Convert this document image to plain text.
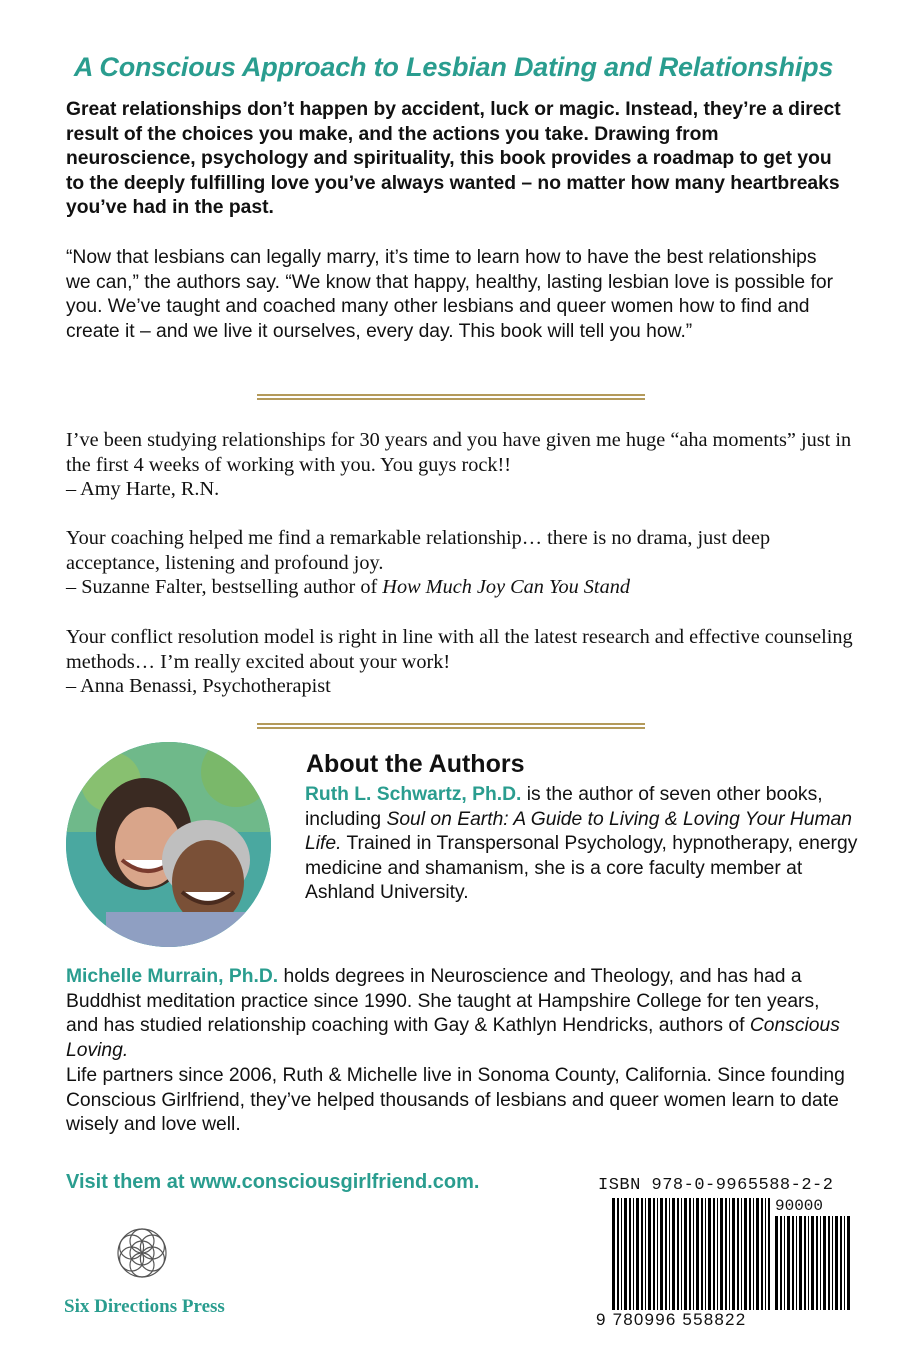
A Conscious Approach to Lesbian Dating and Relationships

Great relationships don’t happen by accident, luck or magic. Instead, they’re a direct result of the choices you make, and the actions you take. Drawing from neuroscience, psychology and spirituality, this book provides a roadmap to get you to the deeply fulfilling love you’ve always wanted – no matter how many heartbreaks you’ve had in the past.

“Now that lesbians can legally marry, it’s time to learn how to have the best relationships we can,” the authors say. “We know that happy, healthy, lasting lesbian love is possible for you. We’ve taught and coached many other lesbians and queer women how to find and create it – and we live it ourselves, every day. This book will tell you how.”

I’ve been studying relationships for 30 years and you have given me huge “aha moments” just in the first 4 weeks of working with you. You guys rock!!
– Amy Harte, R.N.

Your coaching helped me find a remarkable relationship… there is no drama, just deep acceptance, listening and profound joy.
– Suzanne Falter, bestselling author of How Much Joy Can You Stand

Your conflict resolution model is right in line with all the latest research and effective counseling methods… I’m really excited about your work!
– Anna Benassi, Psychotherapist

About the Authors

Ruth L. Schwartz, Ph.D. is the author of seven other books, including Soul on Earth: A Guide to Living & Loving Your Human Life. Trained in Transpersonal Psychology, hypnotherapy, energy medicine and shamanism, she is a core faculty member at Ashland University.

Michelle Murrain, Ph.D. holds degrees in Neuroscience and Theology, and has had a Buddhist meditation practice since 1990. She taught at Hampshire College for ten years, and has studied relationship coaching with Gay & Kathlyn Hendricks, authors of Conscious Loving.

Life partners since 2006, Ruth & Michelle live in Sonoma County, California. Since founding Conscious Girlfriend, they’ve helped thousands of lesbians and queer women learn to date wisely and love well.

Visit them at www.consciousgirlfriend.com.
Six Directions Press
ISBN 978-0-9965588-2-2
90000
9 780996 558822
